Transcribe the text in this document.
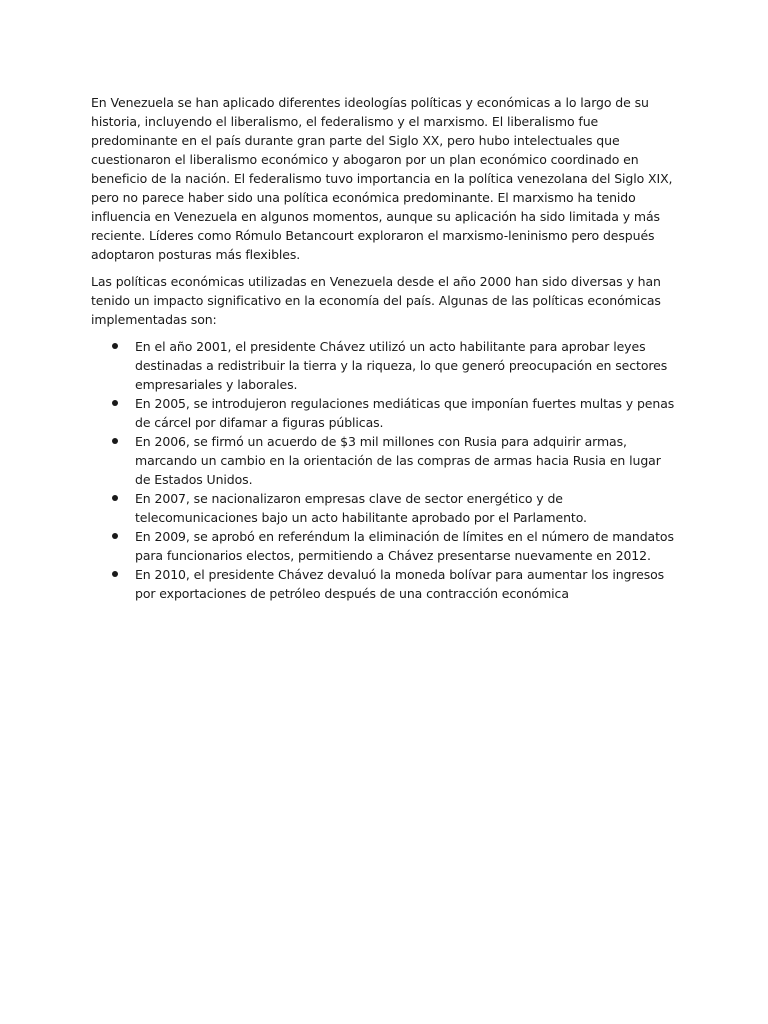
En Venezuela se han aplicado diferentes ideologías políticas y económicas a lo largo de su historia, incluyendo el liberalismo, el federalismo y el marxismo. El liberalismo fue predominante en el país durante gran parte del Siglo XX, pero hubo intelectuales que cuestionaron el liberalismo económico y abogaron por un plan económico coordinado en beneficio de la nación. El federalismo tuvo importancia en la política venezolana del Siglo XIX, pero no parece haber sido una política económica predominante. El marxismo ha tenido influencia en Venezuela en algunos momentos, aunque su aplicación ha sido limitada y más reciente. Líderes como Rómulo Betancourt exploraron el marxismo-leninismo pero después adoptaron posturas más flexibles.

Las políticas económicas utilizadas en Venezuela desde el año 2000 han sido diversas y han tenido un impacto significativo en la economía del país. Algunas de las políticas económicas implementadas son:

En el año 2001, el presidente Chávez utilizó un acto habilitante para aprobar leyes destinadas a redistribuir la tierra y la riqueza, lo que generó preocupación en sectores empresariales y laborales.
En 2005, se introdujeron regulaciones mediáticas que imponían fuertes multas y penas de cárcel por difamar a figuras públicas.
En 2006, se firmó un acuerdo de $3 mil millones con Rusia para adquirir armas, marcando un cambio en la orientación de las compras de armas hacia Rusia en lugar de Estados Unidos.
En 2007, se nacionalizaron empresas clave de sector energético y de telecomunicaciones bajo un acto habilitante aprobado por el Parlamento.
En 2009, se aprobó en referéndum la eliminación de límites en el número de mandatos para funcionarios electos, permitiendo a Chávez presentarse nuevamente en 2012.
En 2010, el presidente Chávez devaluó la moneda bolívar para aumentar los ingresos por exportaciones de petróleo después de una contracción económica
